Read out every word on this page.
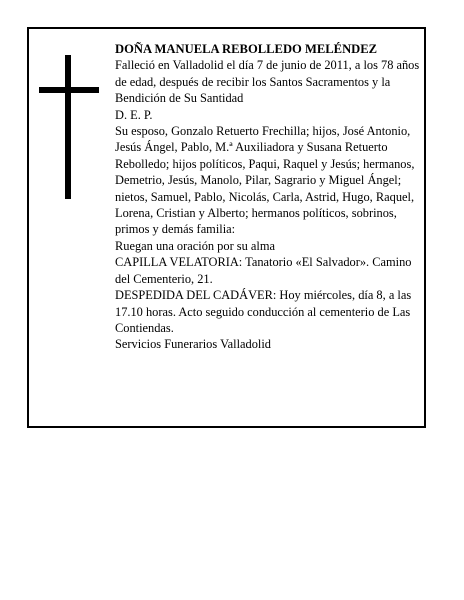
DOÑA MANUELA REBOLLEDO MELÉNDEZ

Falleció en Valladolid el día 7 de junio de 2011, a los 78 años de edad, después de recibir los Santos Sacramentos y la Bendición de Su Santidad

D. E. P.

Su esposo, Gonzalo Retuerto Frechilla; hijos, José Antonio, Jesús Ángel, Pablo, M.ª Auxiliadora y Susana Retuerto Rebolledo; hijos políticos, Paqui, Raquel y Jesús; hermanos, Demetrio, Jesús, Manolo, Pilar, Sagrario y Miguel Ángel; nietos, Samuel, Pablo, Nicolás, Carla, Astrid, Hugo, Raquel, Lorena, Cristian y Alberto; hermanos políticos, sobrinos, primos y demás familia:

Ruegan una oración por su alma

CAPILLA VELATORIA: Tanatorio «El Salvador». Camino del Cementerio, 21.

DESPEDIDA DEL CADÁVER: Hoy miércoles, día 8, a las 17.10 horas. Acto seguido conducción al cementerio de Las Contiendas.

Servicios Funerarios Valladolid
